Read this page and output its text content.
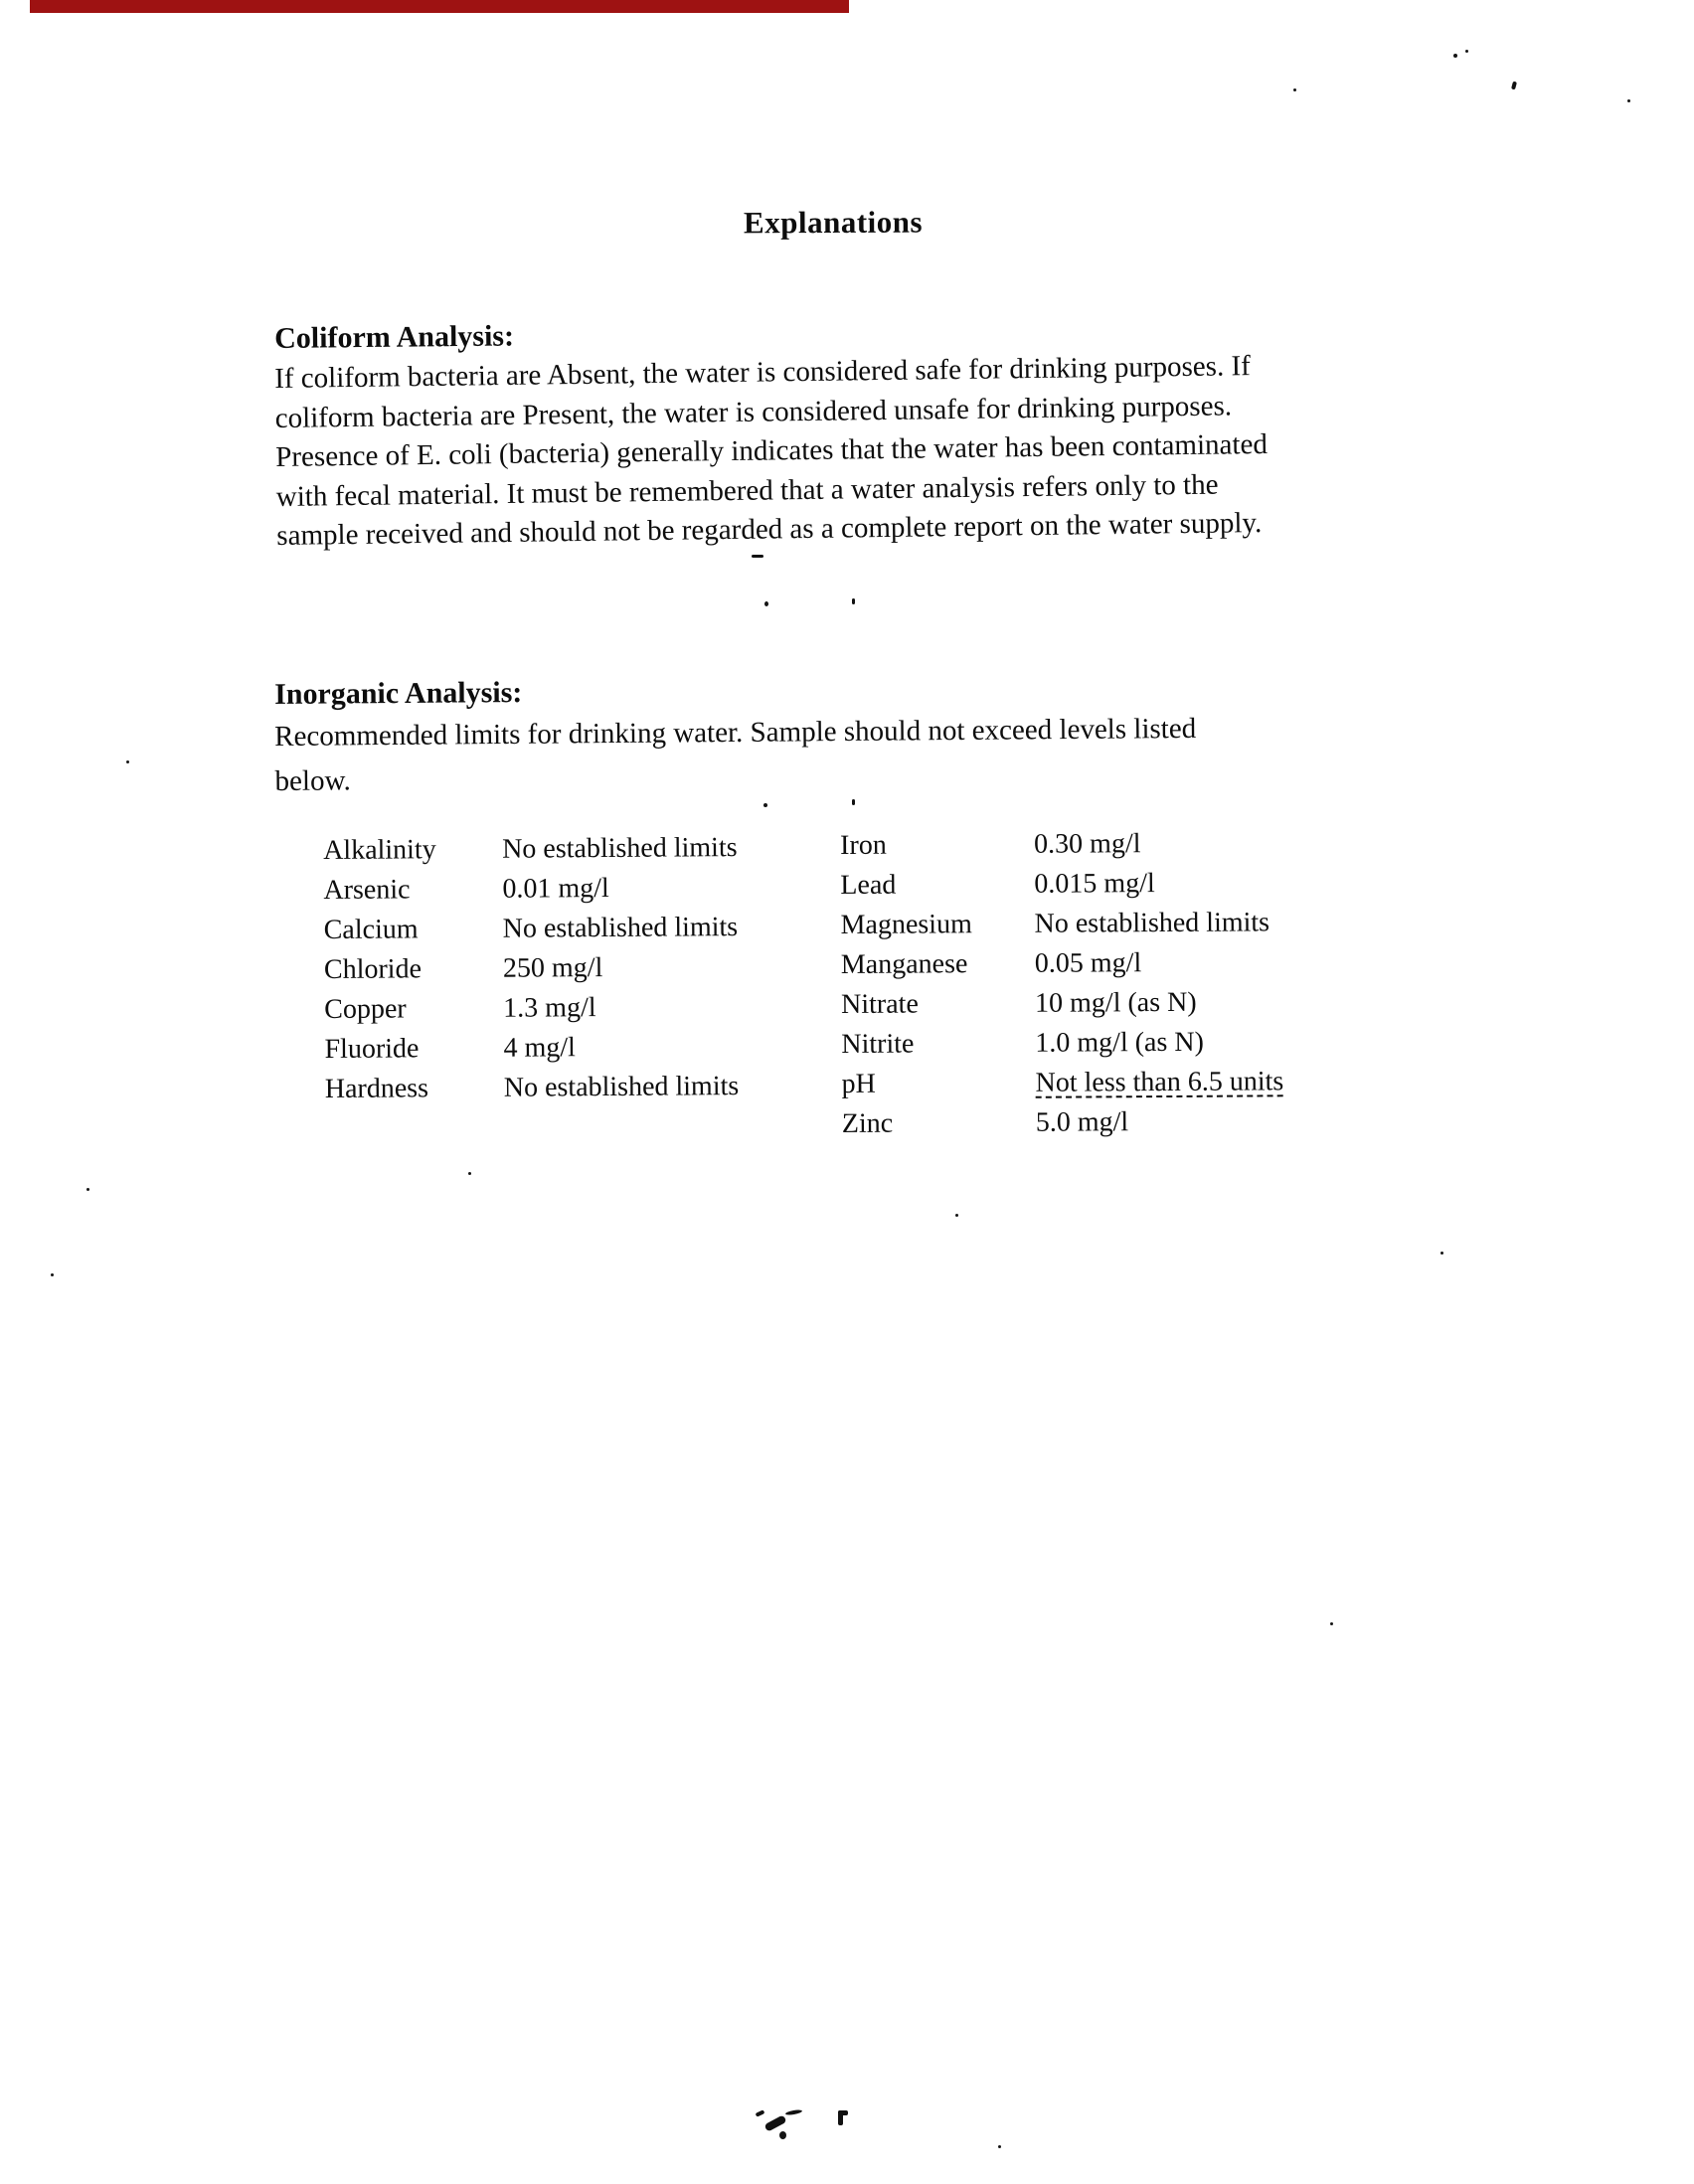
Explanations
Coliform Analysis:
If coliform bacteria are Absent, the water is considered safe for drinking purposes. If
coliform bacteria are Present, the water is considered unsafe for drinking purposes.
Presence of E. coli (bacteria) generally indicates that the water has been contaminated
with fecal material. It must be remembered that a water analysis refers only to the
sample received and should not be regarded as a complete report on the water supply.
Inorganic Analysis:
Recommended limits for drinking water. Sample should not exceed levels listed
below.
Alkalinity	No established limits
Arsenic	0.01 mg/l
Calcium	No established limits
Chloride	250 mg/l
Copper	1.3 mg/l
Fluoride	4 mg/l
Hardness	No established limits
Iron	0.30 mg/l
Lead	0.015 mg/l
Magnesium	No established limits
Manganese	0.05 mg/l
Nitrate	10 mg/l (as N)
Nitrite	1.0 mg/l (as N)
pH	Not less than 6.5 units
Zinc	5.0 mg/l
